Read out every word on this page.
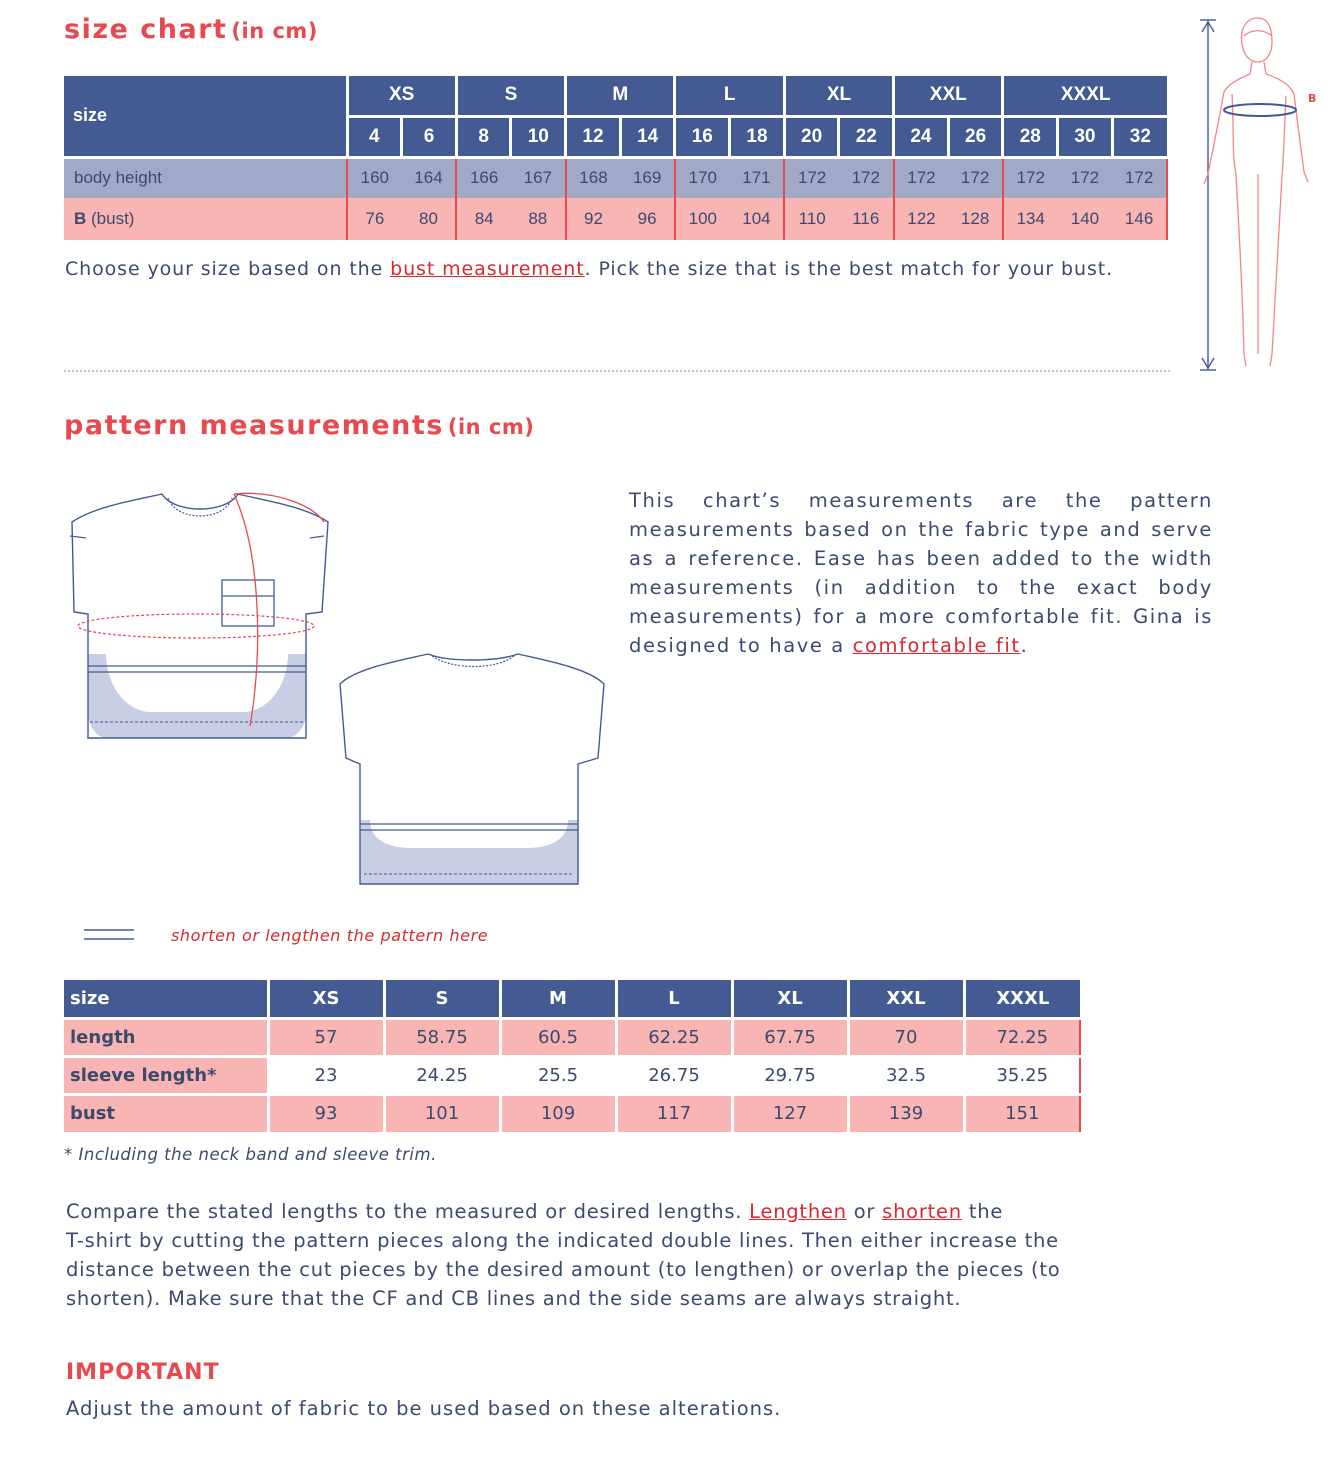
size chart (in cm)
size	XS		S		M		L		XL		XXL		XXXL		
	4	6	8	10	12	14	16	18	20	22	24	26	28	30	32
body height	160	164	166	167	168	169	170	171	172	172	172	172	172	172	172
B (bust)	76	80	84	88	92	96	100	104	110	116	122	128	134	140	146
Choose your size based on the bust measurement. Pick the size that is the best match for your bust.
B
pattern measurements (in cm)
shorten or lengthen the pattern here
This chart’s measurements are the pattern
measurements based on the fabric type and serve
as a reference. Ease has been added to the width
measurements (in addition to the exact body
measurements) for a more comfortable fit. Gina is
designed to have a comfortable fit.
size	XS	S	M	L	XL	XXL	XXXL
length	57	58.75	60.5	62.25	67.75	70	72.25
sleeve length*	23	24.25	25.5	26.75	29.75	32.5	35.25
bust	93	101	109	117	127	139	151
* Including the neck band and sleeve trim.
Compare the stated lengths to the measured or desired lengths. Lengthen or shorten the
T-shirt by cutting the pattern pieces along the indicated double lines. Then either increase the
distance between the cut pieces by the desired amount (to lengthen) or overlap the pieces (to
shorten). Make sure that the CF and CB lines and the side seams are always straight.
IMPORTANT
Adjust the amount of fabric to be used based on these alterations.
